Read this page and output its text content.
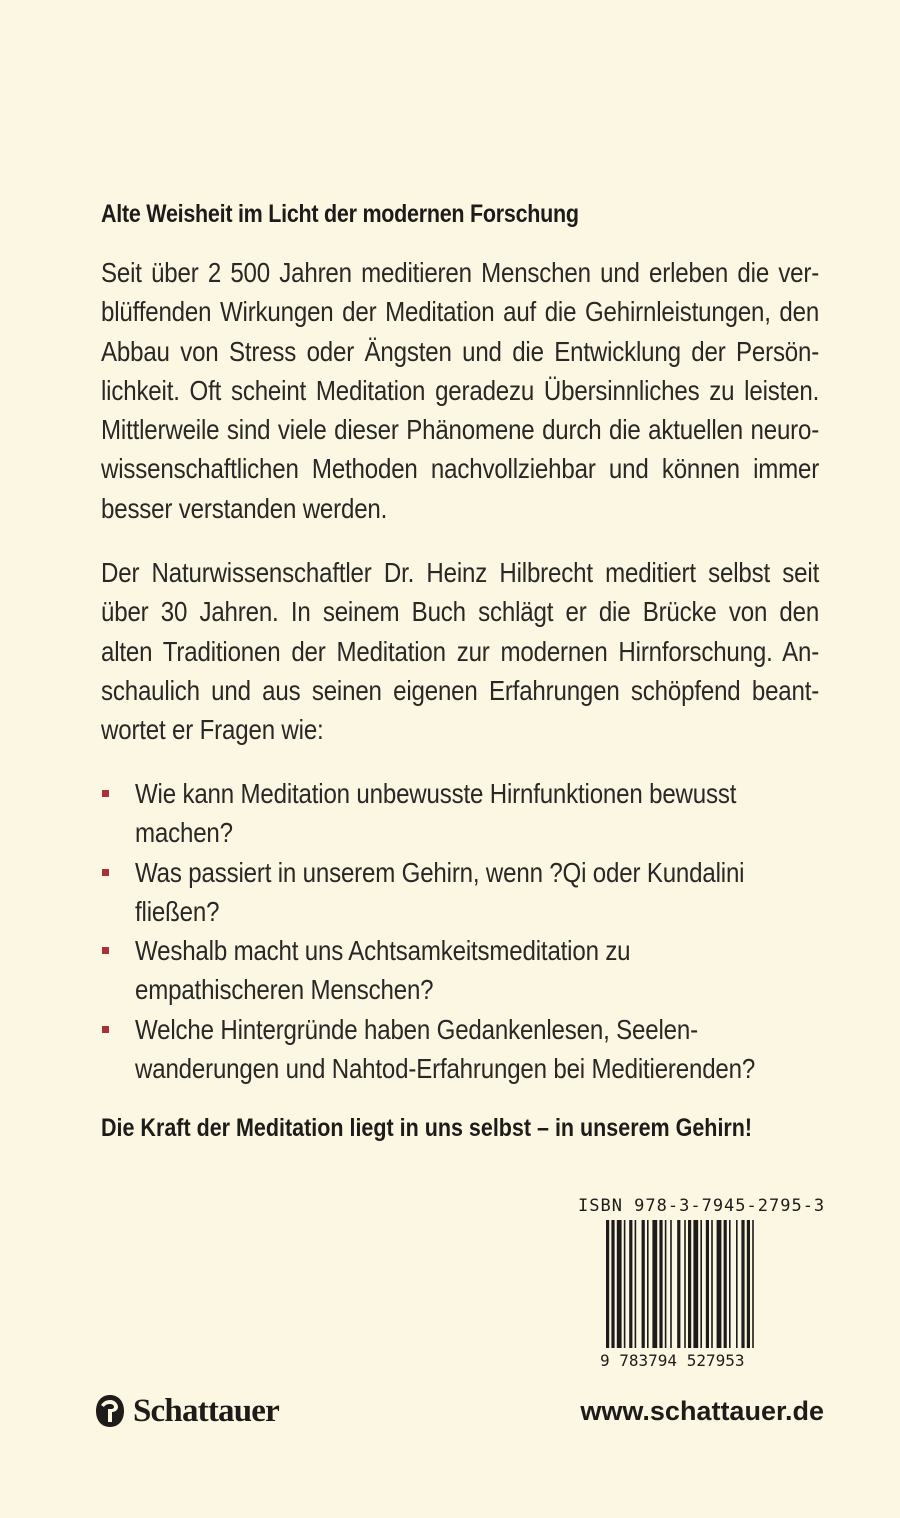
Alte Weisheit im Licht der modernen Forschung
Seit über 2 500 Jahren meditieren Menschen und erleben die ver-
blüffenden Wirkungen der Meditation auf die Gehirnleistungen, den
Abbau von Stress oder Ängsten und die Entwicklung der Persön-
lichkeit. Oft scheint Meditation geradezu Übersinnliches zu leisten.
Mittlerweile sind viele dieser Phänomene durch die aktuellen neuro-
wissenschaftlichen Methoden nachvollziehbar und können immer
besser verstanden werden.
Der Naturwissenschaftler Dr. Heinz Hilbrecht meditiert selbst seit
über 30 Jahren. In seinem Buch schlägt er die Brücke von den
alten Traditionen der Meditation zur modernen Hirnforschung. An-
schaulich und aus seinen eigenen Erfahrungen schöpfend beant-
wortet er Fragen wie:
Wie kann Meditation unbewusste Hirnfunktionen bewusst
machen?
Was passiert in unserem Gehirn, wenn ?Qi oder Kundalini
fließen?
Weshalb macht uns Achtsamkeitsmeditation zu
empathischeren Menschen?
Welche Hintergründe haben Gedankenlesen, Seelen-
wanderungen und Nahtod-Erfahrungen bei Meditierenden?
Die Kraft der Meditation liegt in uns selbst – in unserem Gehirn!
ISBN 978-3-7945-2795-3
9 783794 527953
Schattauer	www.schattauer.de
